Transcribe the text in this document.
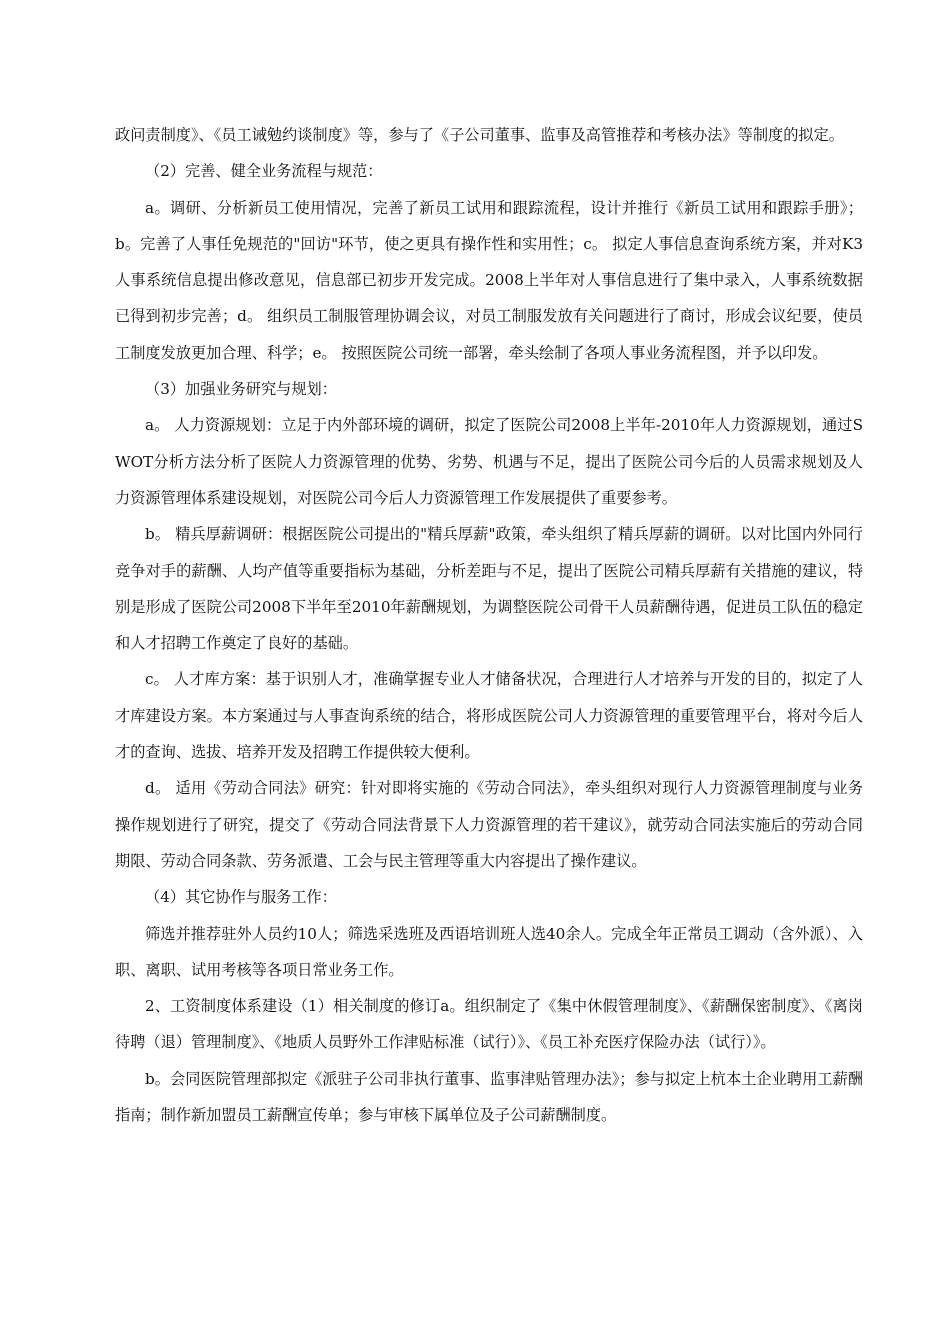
政问责制度》、《员工诫勉约谈制度》等，参与了《子公司董事、监事及高管推荐和考核办法》等制度的拟定。

（2）完善、健全业务流程与规范：

a。调研、分析新员工使用情况，完善了新员工试用和跟踪流程，设计并推行《新员工试用和跟踪手册》；b。完善了人事任免规范的"回访"环节，使之更具有操作性和实用性；c。 拟定人事信息查询系统方案，并对K3人事系统信息提出修改意见，信息部已初步开发完成。2008上半年对人事信息进行了集中录入，人事系统数据已得到初步完善；d。 组织员工制服管理协调会议，对员工制服发放有关问题进行了商讨，形成会议纪要，使员工制度发放更加合理、科学；e。 按照医院公司统一部署，牵头绘制了各项人事业务流程图，并予以印发。

（3）加强业务研究与规划：

a。 人力资源规划：立足于内外部环境的调研，拟定了医院公司2008上半年-2010年人力资源规划，通过SWOT分析方法分析了医院人力资源管理的优势、劣势、机遇与不足，提出了医院公司今后的人员需求规划及人力资源管理体系建设规划，对医院公司今后人力资源管理工作发展提供了重要参考。

b。 精兵厚薪调研：根据医院公司提出的"精兵厚薪"政策，牵头组织了精兵厚薪的调研。以对比国内外同行竞争对手的薪酬、人均产值等重要指标为基础，分析差距与不足，提出了医院公司精兵厚薪有关措施的建议，特别是形成了医院公司2008下半年至2010年薪酬规划，为调整医院公司骨干人员薪酬待遇，促进员工队伍的稳定和人才招聘工作奠定了良好的基础。

c。 人才库方案：基于识别人才，准确掌握专业人才储备状况，合理进行人才培养与开发的目的，拟定了人才库建设方案。本方案通过与人事查询系统的结合，将形成医院公司人力资源管理的重要管理平台，将对今后人才的查询、选拔、培养开发及招聘工作提供较大便利。

d。 适用《劳动合同法》研究：针对即将实施的《劳动合同法》，牵头组织对现行人力资源管理制度与业务操作规划进行了研究，提交了《劳动合同法背景下人力资源管理的若干建议》，就劳动合同法实施后的劳动合同期限、劳动合同条款、劳务派遣、工会与民主管理等重大内容提出了操作建议。

（4）其它协作与服务工作：

筛选并推荐驻外人员约10人；筛选采选班及西语培训班人选40余人。完成全年正常员工调动（含外派）、入职、离职、试用考核等各项日常业务工作。

2、工资制度体系建设（1）相关制度的修订a。组织制定了《集中休假管理制度》、《薪酬保密制度》、《离岗待聘（退）管理制度》、《地质人员野外工作津贴标准（试行）》、《员工补充医疗保险办法（试行）》。

b。会同医院管理部拟定《派驻子公司非执行董事、监事津贴管理办法》；参与拟定上杭本土企业聘用工薪酬指南；制作新加盟员工薪酬宣传单；参与审核下属单位及子公司薪酬制度。
